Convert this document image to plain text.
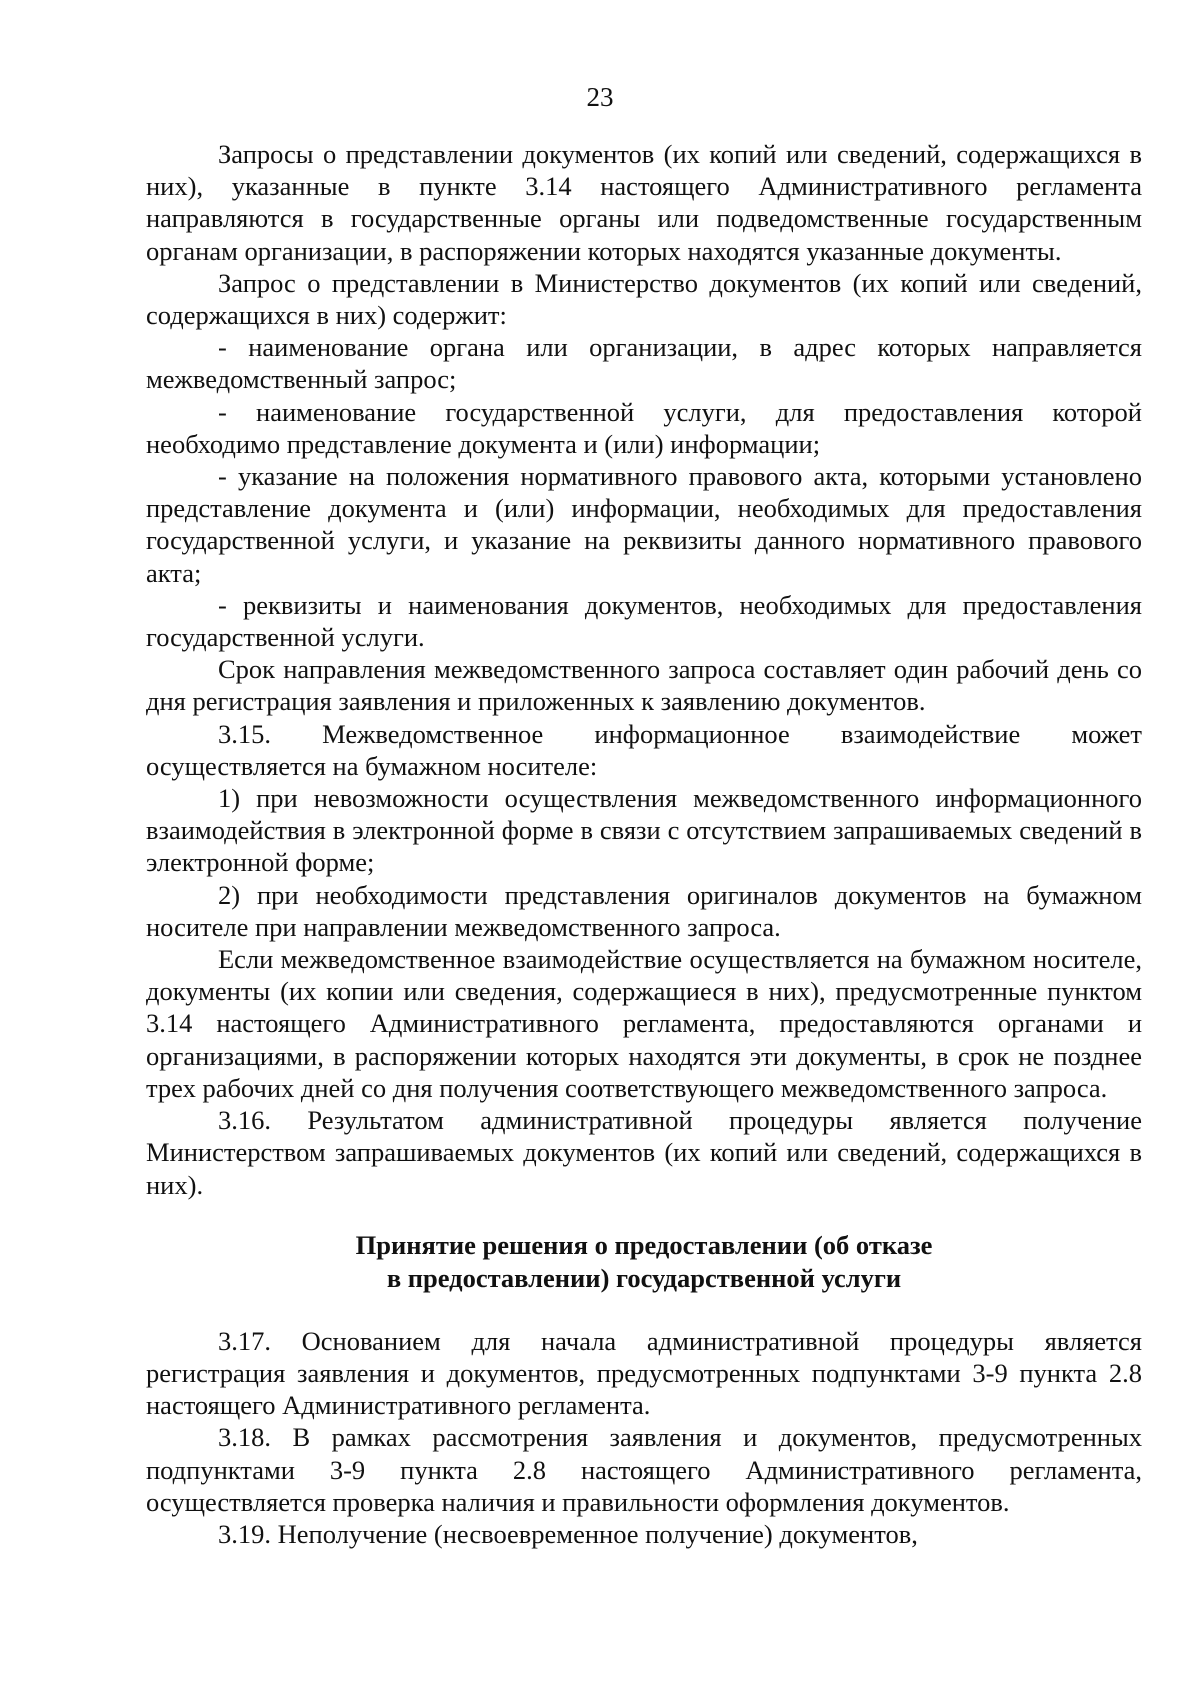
23

Запросы о представлении документов (их копий или сведений, содержащихся в них), указанные в пункте 3.14 настоящего Административного регламента направляются в государственные органы или подведомственные государственным органам организации, в распоряжении которых находятся указанные документы.

Запрос о представлении в Министерство документов (их копий или сведений, содержащихся в них) содержит:

- наименование органа или организации, в адрес которых направляется межведомственный запрос;

- наименование государственной услуги, для предоставления которой необходимо представление документа и (или) информации;

- указание на положения нормативного правового акта, которыми установлено представление документа и (или) информации, необходимых для предоставления государственной услуги, и указание на реквизиты данного нормативного правового акта;

- реквизиты и наименования документов, необходимых для предоставления государственной услуги.

Срок направления межведомственного запроса составляет один рабочий день со дня регистрация заявления и приложенных к заявлению документов.

3.15. Межведомственное информационное взаимодействие может осуществляется на бумажном носителе:

1) при невозможности осуществления межведомственного информационного взаимодействия в электронной форме в связи с отсутствием запрашиваемых сведений в электронной форме;

2) при необходимости представления оригиналов документов на бумажном носителе при направлении межведомственного запроса.

Если межведомственное взаимодействие осуществляется на бумажном носителе, документы (их копии или сведения, содержащиеся в них), предусмотренные пунктом 3.14 настоящего Административного регламента, предоставляются органами и организациями, в распоряжении которых находятся эти документы, в срок не позднее трех рабочих дней со дня получения соответствующего межведомственного запроса.

3.16. Результатом административной процедуры является получение Министерством запрашиваемых документов (их копий или сведений, содержащихся в них).

Принятие решения о предоставлении (об отказе
в предоставлении) государственной услуги

3.17. Основанием для начала административной процедуры является регистрация заявления и документов, предусмотренных подпунктами 3-9 пункта 2.8 настоящего Административного регламента.

3.18. В рамках рассмотрения заявления и документов, предусмотренных подпунктами 3-9 пункта 2.8 настоящего Административного регламента, осуществляется проверка наличия и правильности оформления документов.

3.19. Неполучение (несвоевременное получение) документов,
